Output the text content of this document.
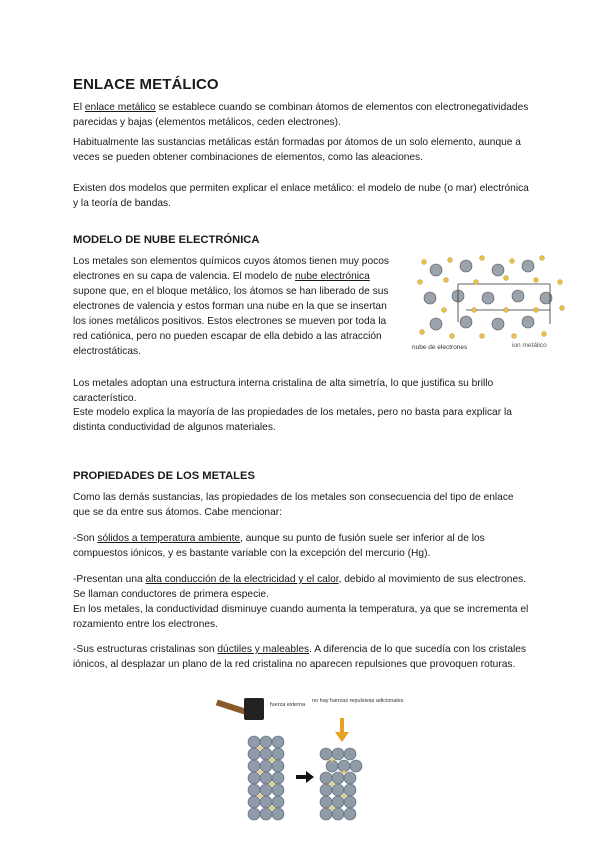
ENLACE METÁLICO

El enlace metálico se establece cuando se combinan átomos de elementos con electronegatividades parecidas y bajas (elementos metálicos, ceden electrones).

Habitualmente las sustancias metálicas están formadas por átomos de un solo elemento, aunque a veces se pueden obtener combinaciones de elementos, como las aleaciones.

Existen dos modelos que permiten explicar el enlace metálico: el modelo de nube (o mar) electrónica y la teoría de bandas.

MODELO DE NUBE ELECTRÓNICA

Los metales son elementos químicos cuyos átomos tienen muy pocos electrones en su capa de valencia. El modelo de nube electrónica supone que, en el bloque metálico, los átomos se han liberado de sus electrones de valencia y estos forman una nube en la que se insertan los iones metálicos positivos. Estos electrones se mueven por toda la red catiónica, pero no pueden escapar de ella debido a las atracción electrostáticas.

Los metales adoptan una estructura interna cristalina de alta simetría, lo que justifica su brillo característico.

Este modelo explica la mayoría de las propiedades de los metales, pero no basta para explicar la distinta conductividad de algunos materiales.

PROPIEDADES DE LOS METALES

Como las demás sustancias, las propiedades de los metales son consecuencia del tipo de enlace que se da entre sus átomos. Cabe mencionar:

-Son sólidos a temperatura ambiente, aunque su punto de fusión suele ser inferior al de los compuestos iónicos, y es bastante variable con la excepción del mercurio (Hg).

-Presentan una alta conducción de la electricidad y el calor, debido al movimiento de sus electrones. Se llaman conductores de primera especie.

En los metales, la conductividad disminuye cuando aumenta la temperatura, ya que se incrementa el rozamiento entre los electrones.

-Sus estructuras cristalinas son dúctiles y maleables. A diferencia de lo que sucedía con los cristales iónicos, al desplazar un plano de la red cristalina no aparecen repulsiones que provoquen roturas.

nube de electrones	ion metálico
fuerza externa
no hay fuerzas repulsivas adicionales
